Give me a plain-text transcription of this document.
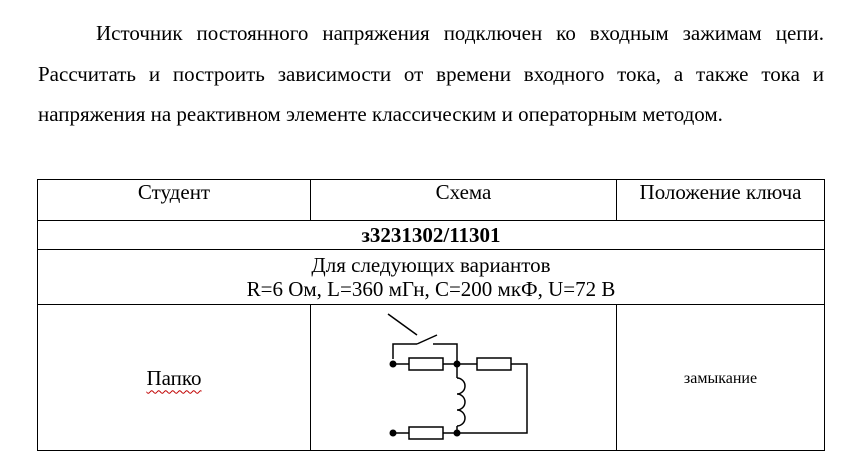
Источник постоянного напряжения подключен ко входным зажимам цепи. Рассчитать и построить зависимости от времени входного тока, а также тока и напряжения на реактивном элементе классическим и операторным методом.

Студент	Схема	Положение ключа
з3231302/11301		

Для следующих вариантов
R=6 Ом, L=360 мГн, C=200 мкФ, U=72 В		

Папко		замыкание
